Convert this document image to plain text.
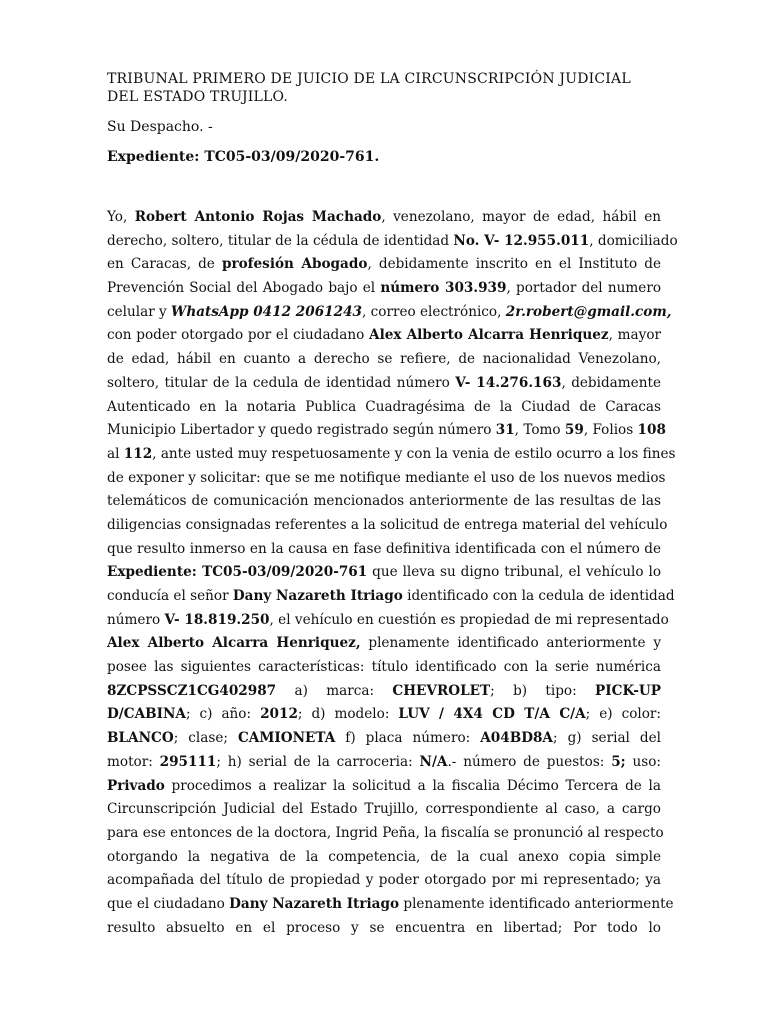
TRIBUNAL PRIMERO DE JUICIO DE LA CIRCUNSCRIPCIÓN JUDICIAL
DEL ESTADO TRUJILLO.
Su Despacho. -
Expediente: TC05-03/09/2020-761.
Yo, Robert Antonio Rojas Machado, venezolano, mayor de edad, hábil en
derecho, soltero, titular de la cédula de identidad No. V- 12.955.011, domiciliado
en Caracas, de profesión Abogado, debidamente inscrito en el Instituto de
Prevención Social del Abogado bajo el número 303.939, portador del numero
celular y WhatsApp 0412 2061243, correo electrónico, 2r.robert@gmail.com,
con poder otorgado por el ciudadano Alex Alberto Alcarra Henriquez, mayor
de edad, hábil en cuanto a derecho se refiere, de nacionalidad Venezolano,
soltero, titular de la cedula de identidad número V- 14.276.163, debidamente
Autenticado en la notaria Publica Cuadragésima de la Ciudad de Caracas
Municipio Libertador y quedo registrado según número 31, Tomo 59, Folios 108
al 112, ante usted muy respetuosamente y con la venia de estilo ocurro a los fines
de exponer y solicitar: que se me notifique mediante el uso de los nuevos medios
telemáticos de comunicación mencionados anteriormente de las resultas de las
diligencias consignadas referentes a la solicitud de entrega material del vehículo
que resulto inmerso en la causa en fase definitiva identificada con el número de
Expediente: TC05-03/09/2020-761 que lleva su digno tribunal, el vehículo lo
conducía el señor Dany Nazareth Itriago identificado con la cedula de identidad
número V- 18.819.250, el vehículo en cuestión es propiedad de mi representado
Alex Alberto Alcarra Henriquez, plenamente identificado anteriormente y
posee las siguientes características: título identificado con la serie numérica
8ZCPSSCZ1CG402987 a) marca: CHEVROLET; b) tipo: PICK-UP
D/CABINA; c) año: 2012; d) modelo: LUV / 4X4 CD T/A C/A; e) color:
BLANCO; clase; CAMIONETA f) placa número: A04BD8A; g) serial del
motor: 295111; h) serial de la carroceria: N/A.- número de puestos: 5; uso:
Privado procedimos a realizar la solicitud a la fiscalia Décimo Tercera de la
Circunscripción Judicial del Estado Trujillo, correspondiente al caso, a cargo
para ese entonces de la doctora, Ingrid Peña, la fiscalía se pronunció al respecto
otorgando la negativa de la competencia, de la cual anexo copia simple
acompañada del título de propiedad y poder otorgado por mi representado; ya
que el ciudadano Dany Nazareth Itriago plenamente identificado anteriormente
resulto absuelto en el proceso y se encuentra en libertad; Por todo lo
